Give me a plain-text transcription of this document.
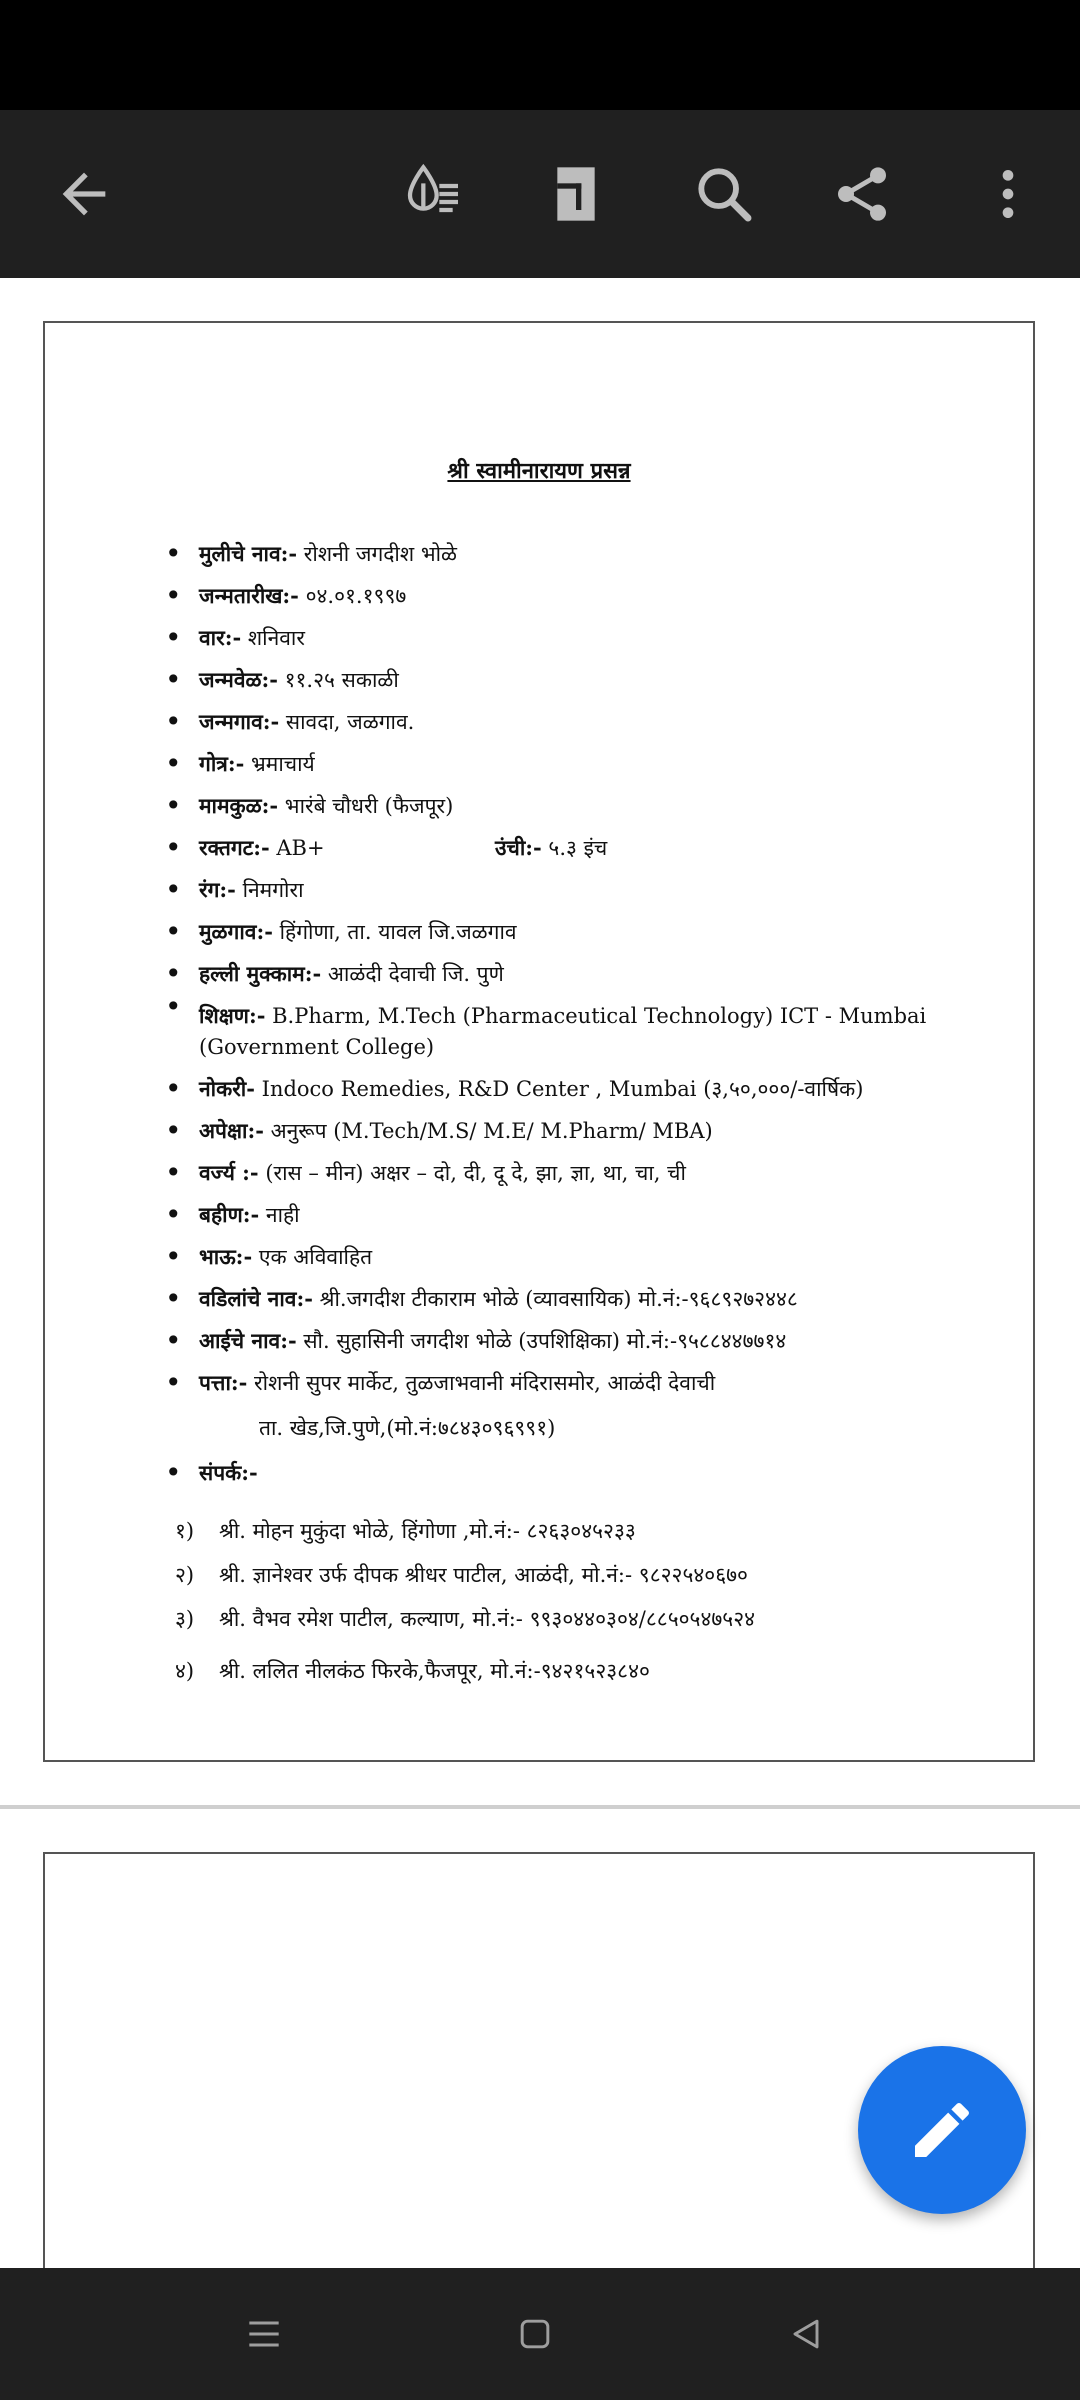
श्री स्वामीनारायण प्रसन्न
• मुलीचे नाव:- रोशनी जगदीश भोळे
• जन्मतारीख:- ०४.०१.१९९७
• वार:- शनिवार
• जन्मवेळ:- ११.२५ सकाळी
• जन्मगाव:- सावदा, जळगाव.
• गोत्र:- भ्रमाचार्य
• मामकुळ:- भारंबे चौधरी (फैजपूर)
• रक्तगट:- AB+	उंची:- ५.३ इंच
• रंग:- निमगोरा
• मुळगाव:- हिंगोणा, ता. यावल जि.जळगाव
• हल्ली मुक्काम:- आळंदी देवाची जि. पुणे
• शिक्षण:- B.Pharm, M.Tech (Pharmaceutical Technology) ICT - Mumbai (Government College)
• नोकरी- Indoco Remedies, R&D Center , Mumbai (३,५०,०००/-वार्षिक)
• अपेक्षा:- अनुरूप (M.Tech/M.S/ M.E/ M.Pharm/ MBA)
• वर्ज्य :- (रास – मीन) अक्षर – दो, दी, दू दे, झा, ज्ञा, था, चा, ची
• बहीण:- नाही
• भाऊ:- एक अविवाहित
• वडिलांचे नाव:- श्री.जगदीश टीकाराम भोळे (व्यावसायिक) मो.नं:-९६८९२७२४४८
• आईचे नाव:- सौ. सुहासिनी जगदीश भोळे (उपशिक्षिका) मो.नं:-९५८८४४७७१४
• पत्ता:- रोशनी सुपर मार्केट, तुळजाभवानी मंदिरासमोर, आळंदी देवाची
ता. खेड,जि.पुणे,(मो.नं:७८४३०९६९९१)
• संपर्क:-
१) श्री. मोहन मुकुंदा भोळे, हिंगोणा ,मो.नं:- ८२६३०४५२३३
२) श्री. ज्ञानेश्वर उर्फ दीपक श्रीधर पाटील, आळंदी, मो.नं:- ९८२२५४०६७०
३) श्री. वैभव रमेश पाटील, कल्याण, मो.नं:- ९९३०४४०३०४/८८५०५४७५२४
४) श्री. ललित नीलकंठ फिरके,फैजपूर, मो.नं:-९४२१५२३८४०
